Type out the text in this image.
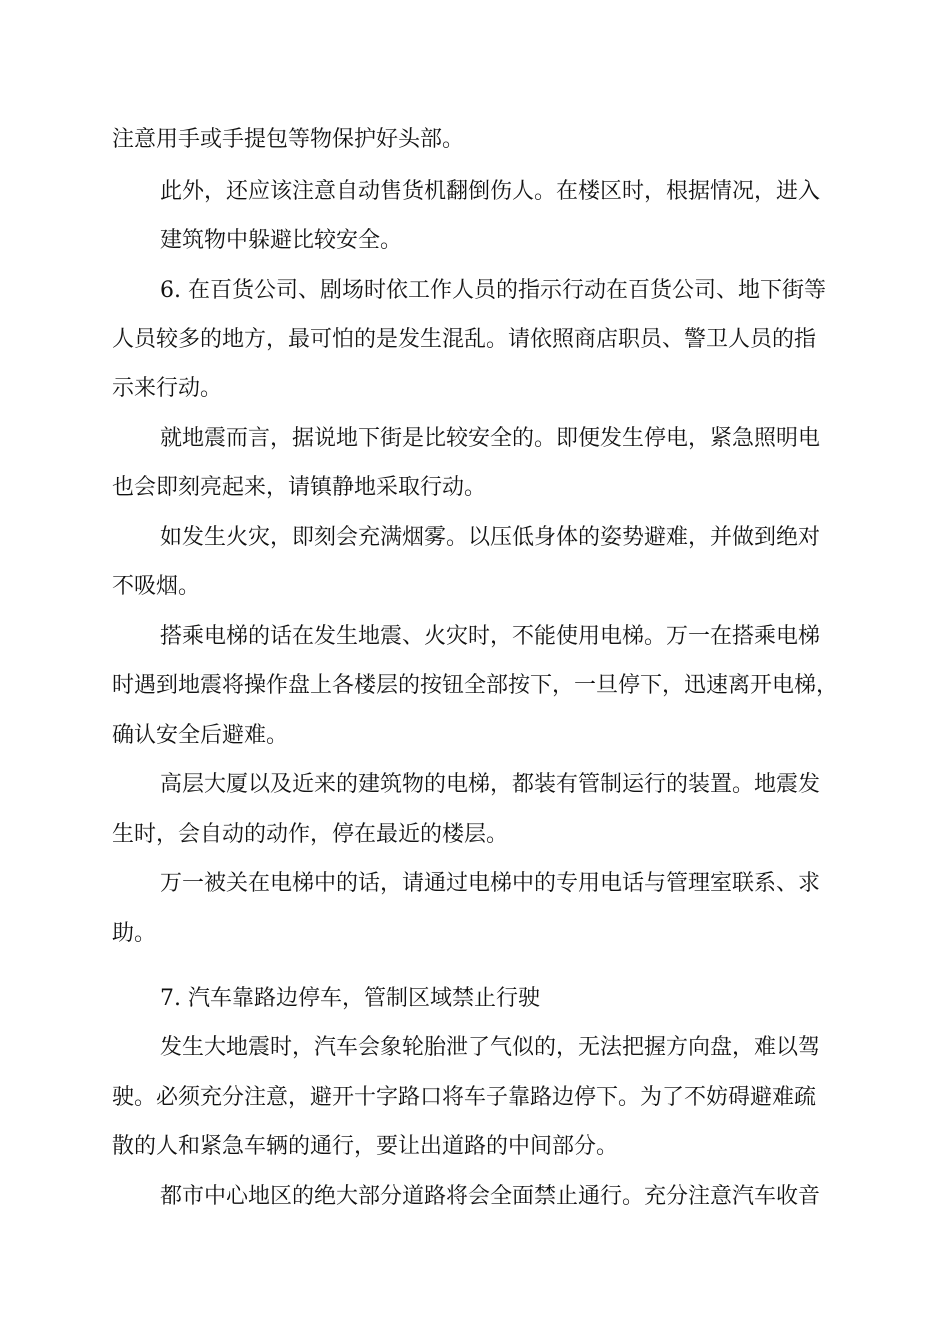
注意用手或手提包等物保护好头部。
此外，还应该注意自动售货机翻倒伤人。在楼区时，根据情况，进入
建筑物中躲避比较安全。
6. 在百货公司、剧场时依工作人员的指示行动在百货公司、地下街等
人员较多的地方，最可怕的是发生混乱。请依照商店职员、警卫人员的指
示来行动。
就地震而言，据说地下街是比较安全的。即便发生停电，紧急照明电
也会即刻亮起来，请镇静地采取行动。
如发生火灾，即刻会充满烟雾。以压低身体的姿势避难，并做到绝对
不吸烟。
搭乘电梯的话在发生地震、火灾时，不能使用电梯。万一在搭乘电梯
时遇到地震将操作盘上各楼层的按钮全部按下，一旦停下，迅速离开电梯，
确认安全后避难。
高层大厦以及近来的建筑物的电梯，都装有管制运行的装置。地震发
生时，会自动的动作，停在最近的楼层。
万一被关在电梯中的话，请通过电梯中的专用电话与管理室联系、求
助。
7. 汽车靠路边停车，管制区域禁止行驶
发生大地震时，汽车会象轮胎泄了气似的，无法把握方向盘，难以驾
驶。必须充分注意，避开十字路口将车子靠路边停下。为了不妨碍避难疏
散的人和紧急车辆的通行，要让出道路的中间部分。
都市中心地区的绝大部分道路将会全面禁止通行。充分注意汽车收音
